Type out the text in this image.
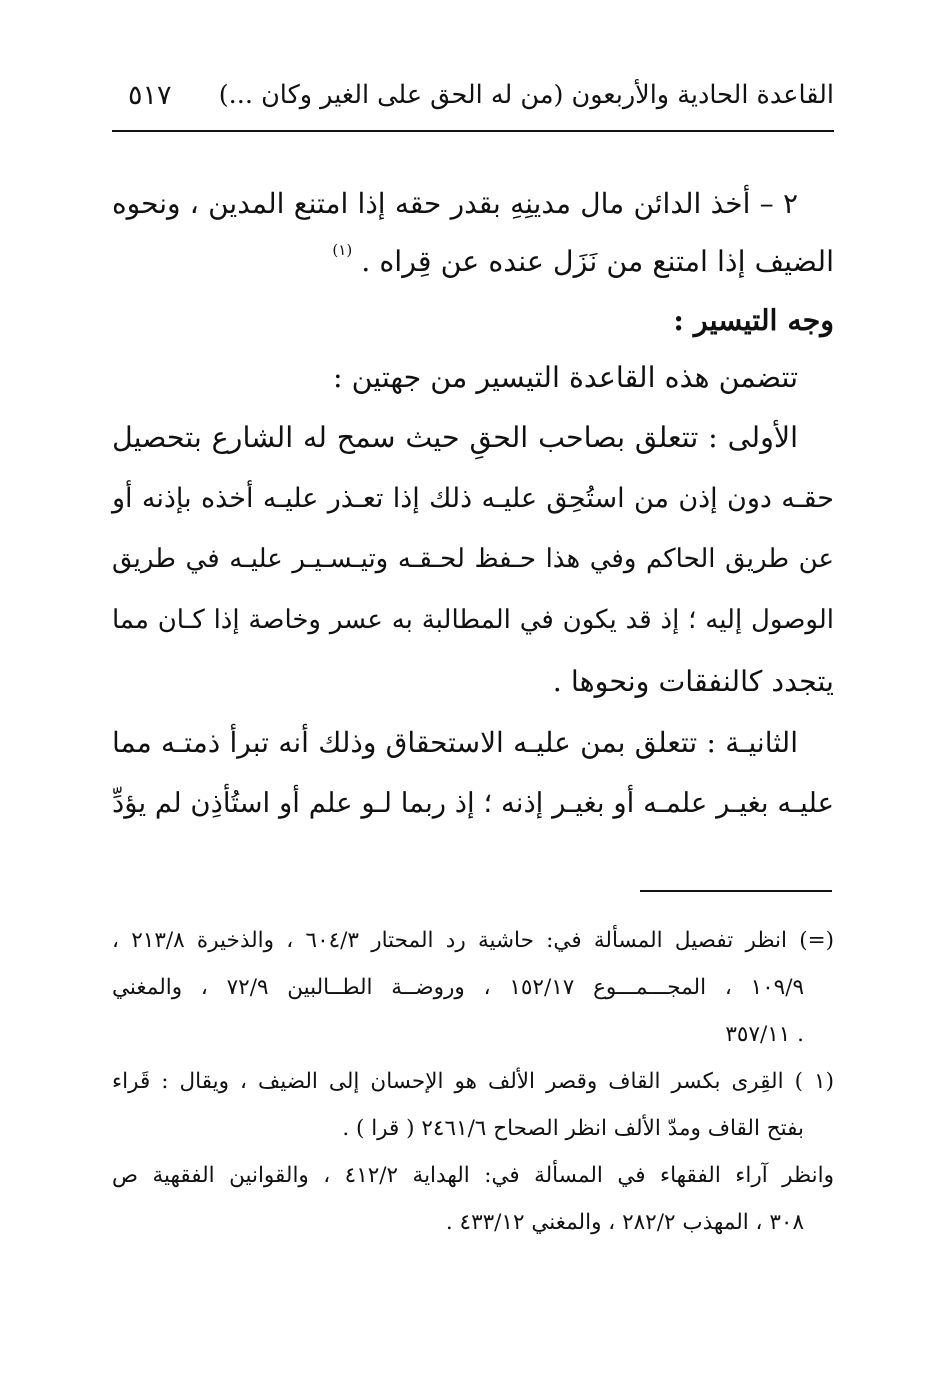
القاعدة الحادية والأربعون (من له الحق على الغير وكان ...)
٥١٧
٢ – أخذ الدائن مال مدينِهِ بقدر حقه إذا امتنع المدين ، ونحوه
الضيف إذا امتنع من نَزَل عنده عن قِراه . $^{(١)}$
وجه التيسير :
تتضمن هذه القاعدة التيسير من جهتين :
الأولى : تتعلق بصاحب الحقِ حيث سمح له الشارع بتحصيل
حقـه دون إذن من استُحِق عليـه ذلك إذا تعـذر عليـه أخذه بإذنه أو
عن طريق الحاكم وفي هذا حـفظ لحـقـه وتيـسـيـر عليـه في طريق
الوصول إليه ؛ إذ قد يكون في المطالبة به عسر وخاصة إذا كـان مما
يتجدد كالنفقات ونحوها .
الثانيـة : تتعلق بمن عليـه الاستحقاق وذلك أنه تبرأ ذمتـه مما
عليـه بغيـر علمـه أو بغيـر إذنه ؛ إذ ربما لـو علم أو استُأذِن لم يؤدِّ
(=) انظر تفصيل المسألة في: حاشية رد المحتار ٦٠٤/٣ ، والذخيرة ٢١٣/٨ ،
١٠٩/٩ ، المجـــمـــوع ١٥٢/١٧ ، وروضــة الطــالبين ٧٢/٩ ، والمغني
. ٣٥٧/١١
(١ ) القِرى بكسر القاف وقصر الألف هو الإحسان إلى الضيف ، ويقال : قَراء
بفتح القاف ومدّ الألف انظر الصحاح ٢٤٦١/٦ ( قرا ) .
وانظر آراء الفقهاء في المسألة في: الهداية ٤١٢/٢ ، والقوانين الفقهية ص
٣٠٨ ، المهذب ٢٨٢/٢ ، والمغني ٤٣٣/١٢ .
